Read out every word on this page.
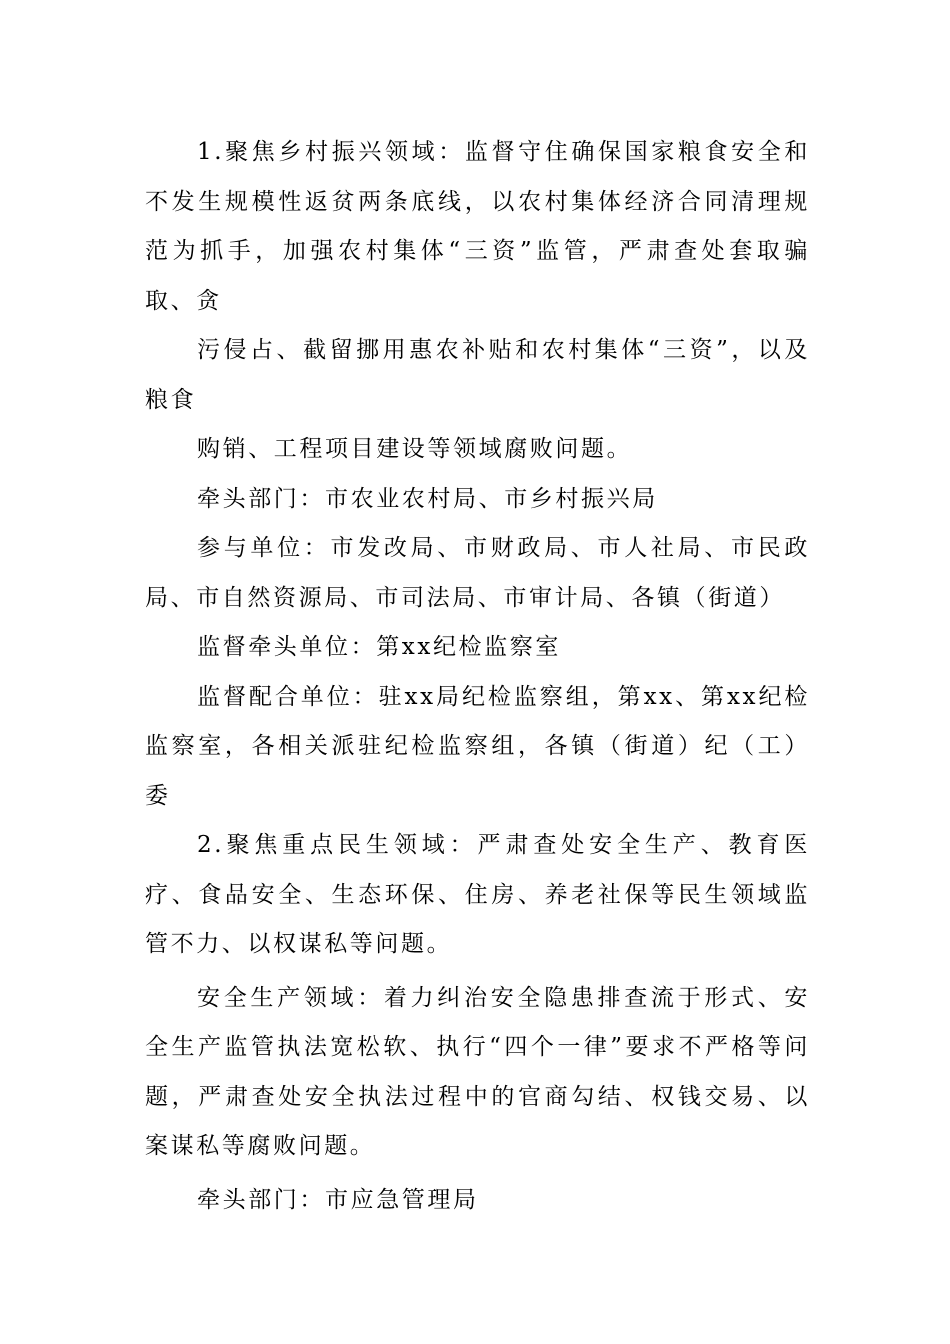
1.聚焦乡村振兴领域：监督守住确保国家粮食安全和不发生规模性返贫两条底线，以农村集体经济合同清理规范为抓手，加强农村集体“三资”监管，严肃查处套取骗取、贪

污侵占、截留挪用惠农补贴和农村集体“三资”，以及粮食

购销、工程项目建设等领域腐败问题。

牵头部门：市农业农村局、市乡村振兴局

参与单位：市发改局、市财政局、市人社局、市民政局、市自然资源局、市司法局、市审计局、各镇（街道）

监督牵头单位：第xx纪检监察室

监督配合单位：驻xx局纪检监察组，第xx、第xx纪检监察室，各相关派驻纪检监察组，各镇（街道）纪（工）委

2.聚焦重点民生领域：严肃查处安全生产、教育医疗、食品安全、生态环保、住房、养老社保等民生领域监管不力、以权谋私等问题。

安全生产领域：着力纠治安全隐患排查流于形式、安全生产监管执法宽松软、执行“四个一律”要求不严格等问题，严肃查处安全执法过程中的官商勾结、权钱交易、以案谋私等腐败问题。

牵头部门：市应急管理局
